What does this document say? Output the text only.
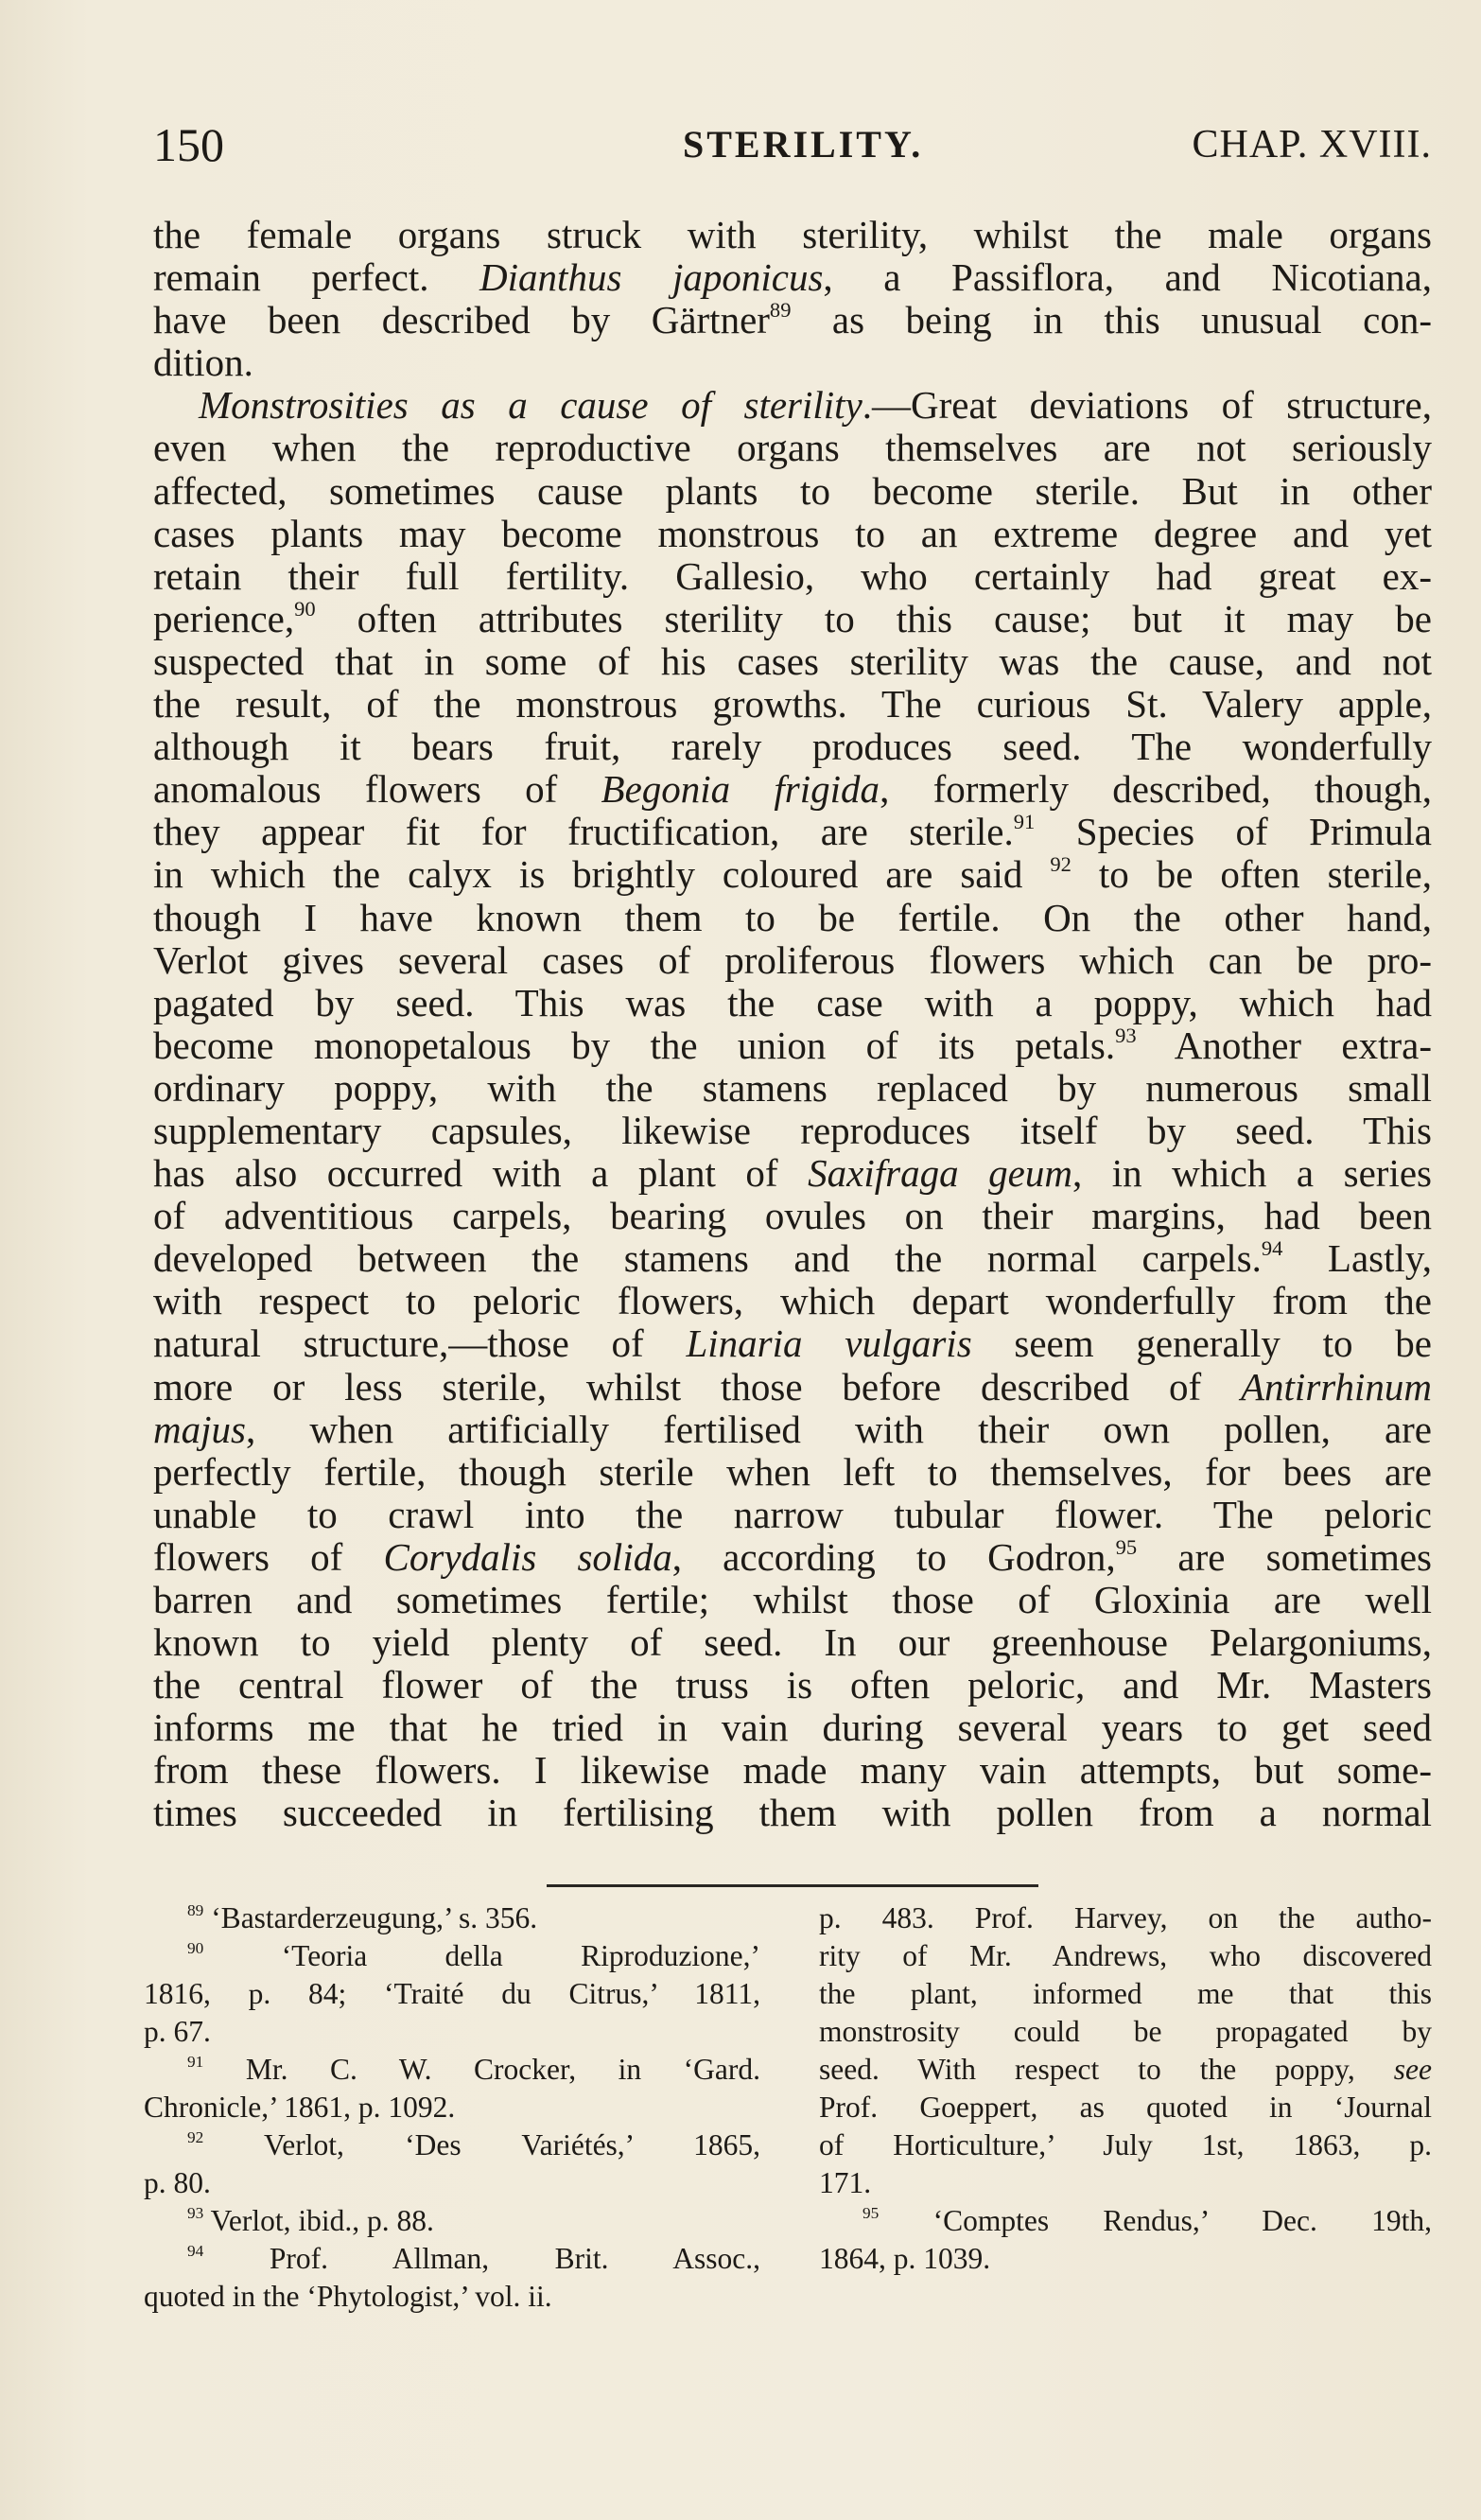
150	STERILITY.	CHAP. XVIII.
the female organs struck with sterility, whilst the male organs
remain perfect. Dianthus japonicus, a Passiflora, and Nicotiana,
have been described by Gärtner$^{89}$ as being in this unusual con-
dition.
Monstrosities as a cause of sterility.—Great deviations of structure,
even when the reproductive organs themselves are not seriously
affected, sometimes cause plants to become sterile. But in other
cases plants may become monstrous to an extreme degree and yet
retain their full fertility. Gallesio, who certainly had great ex-
perience,$^{90}$ often attributes sterility to this cause; but it may be
suspected that in some of his cases sterility was the cause, and not
the result, of the monstrous growths. The curious St. Valery apple,
although it bears fruit, rarely produces seed. The wonderfully
anomalous flowers of Begonia frigida, formerly described, though,
they appear fit for fructification, are sterile.$^{91}$ Species of Primula
in which the calyx is brightly coloured are said $^{92}$ to be often sterile,
though I have known them to be fertile. On the other hand,
Verlot gives several cases of proliferous flowers which can be pro-
pagated by seed. This was the case with a poppy, which had
become monopetalous by the union of its petals.$^{93}$ Another extra-
ordinary poppy, with the stamens replaced by numerous small
supplementary capsules, likewise reproduces itself by seed. This
has also occurred with a plant of Saxifraga geum, in which a series
of adventitious carpels, bearing ovules on their margins, had been
developed between the stamens and the normal carpels.$^{94}$ Lastly,
with respect to peloric flowers, which depart wonderfully from the
natural structure,—those of Linaria vulgaris seem generally to be
more or less sterile, whilst those before described of Antirrhinum
majus, when artificially fertilised with their own pollen, are
perfectly fertile, though sterile when left to themselves, for bees are
unable to crawl into the narrow tubular flower. The peloric
flowers of Corydalis solida, according to Godron,$^{95}$ are sometimes
barren and sometimes fertile; whilst those of Gloxinia are well
known to yield plenty of seed. In our greenhouse Pelargoniums,
the central flower of the truss is often peloric, and Mr. Masters
informs me that he tried in vain during several years to get seed
from these flowers. I likewise made many vain attempts, but some-
times succeeded in fertilising them with pollen from a normal
$^{89}$ ‘Bastarderzeugung,’ s. 356.
$^{90}$ ‘Teoria della Riproduzione,’
1816, p. 84; ‘Traité du Citrus,’ 1811,
p. 67.
$^{91}$ Mr. C. W. Crocker, in ‘Gard.
Chronicle,’ 1861, p. 1092.
$^{92}$ Verlot, ‘Des Variétés,’ 1865,
p. 80.
$^{93}$ Verlot, ibid., p. 88.
$^{94}$ Prof. Allman, Brit. Assoc.,
quoted in the ‘Phytologist,’ vol. ii.
p. 483. Prof. Harvey, on the autho-
rity of Mr. Andrews, who discovered
the plant, informed me that this
monstrosity could be propagated by
seed. With respect to the poppy, see
Prof. Goeppert, as quoted in ‘Journal
of Horticulture,’ July 1st, 1863, p.
171.
$^{95}$ ‘Comptes Rendus,’ Dec. 19th,
1864, p. 1039.
